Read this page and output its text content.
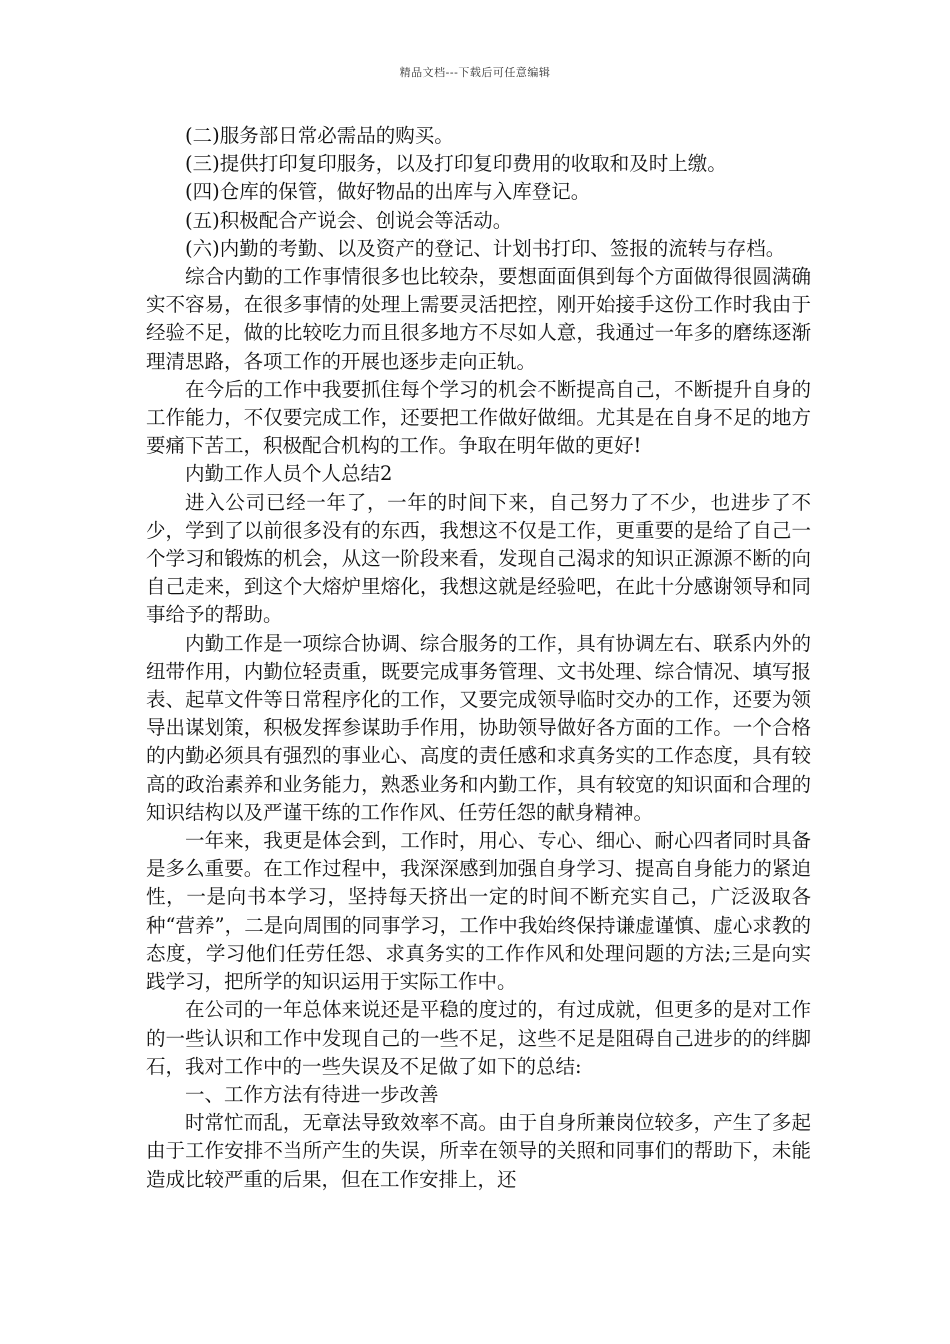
精品文档---下载后可任意编辑

(二)服务部日常必需品的购买。

(三)提供打印复印服务，以及打印复印费用的收取和及时上缴。

(四)仓库的保管，做好物品的出库与入库登记。

(五)积极配合产说会、创说会等活动。

(六)内勤的考勤、以及资产的登记、计划书打印、签报的流转与存档。

综合内勤的工作事情很多也比较杂，要想面面俱到每个方面做得很圆满确实不容易，在很多事情的处理上需要灵活把控，刚开始接手这份工作时我由于经验不足，做的比较吃力而且很多地方不尽如人意，我通过一年多的磨练逐渐理清思路，各项工作的开展也逐步走向正轨。

在今后的工作中我要抓住每个学习的机会不断提高自己，不断提升自身的工作能力，不仅要完成工作，还要把工作做好做细。尤其是在自身不足的地方要痛下苦工，积极配合机构的工作。争取在明年做的更好!

内勤工作人员个人总结2

进入公司已经一年了，一年的时间下来，自己努力了不少，也进步了不少，学到了以前很多没有的东西，我想这不仅是工作，更重要的是给了自己一个学习和锻炼的机会，从这一阶段来看，发现自己渴求的知识正源源不断的向自己走来，到这个大熔炉里熔化，我想这就是经验吧，在此十分感谢领导和同事给予的帮助。

内勤工作是一项综合协调、综合服务的工作，具有协调左右、联系内外的纽带作用，内勤位轻责重，既要完成事务管理、文书处理、综合情况、填写报表、起草文件等日常程序化的工作，又要完成领导临时交办的工作，还要为领导出谋划策，积极发挥参谋助手作用，协助领导做好各方面的工作。一个合格的内勤必须具有强烈的事业心、高度的责任感和求真务实的工作态度，具有较高的政治素养和业务能力，熟悉业务和内勤工作，具有较宽的知识面和合理的知识结构以及严谨干练的工作作风、任劳任怨的献身精神。

一年来，我更是体会到，工作时，用心、专心、细心、耐心四者同时具备是多么重要。在工作过程中，我深深感到加强自身学习、提高自身能力的紧迫性，一是向书本学习，坚持每天挤出一定的时间不断充实自己，广泛汲取各种“营养”，二是向周围的同事学习，工作中我始终保持谦虚谨慎、虚心求教的态度，学习他们任劳任怨、求真务实的工作作风和处理问题的方法;三是向实践学习，把所学的知识运用于实际工作中。

在公司的一年总体来说还是平稳的度过的，有过成就，但更多的是对工作的一些认识和工作中发现自己的一些不足，这些不足是阻碍自己进步的的绊脚石，我对工作中的一些失误及不足做了如下的总结:

一、工作方法有待进一步改善

时常忙而乱，无章法导致效率不高。由于自身所兼岗位较多，产生了多起由于工作安排不当所产生的失误，所幸在领导的关照和同事们的帮助下，未能造成比较严重的后果，但在工作安排上，还
